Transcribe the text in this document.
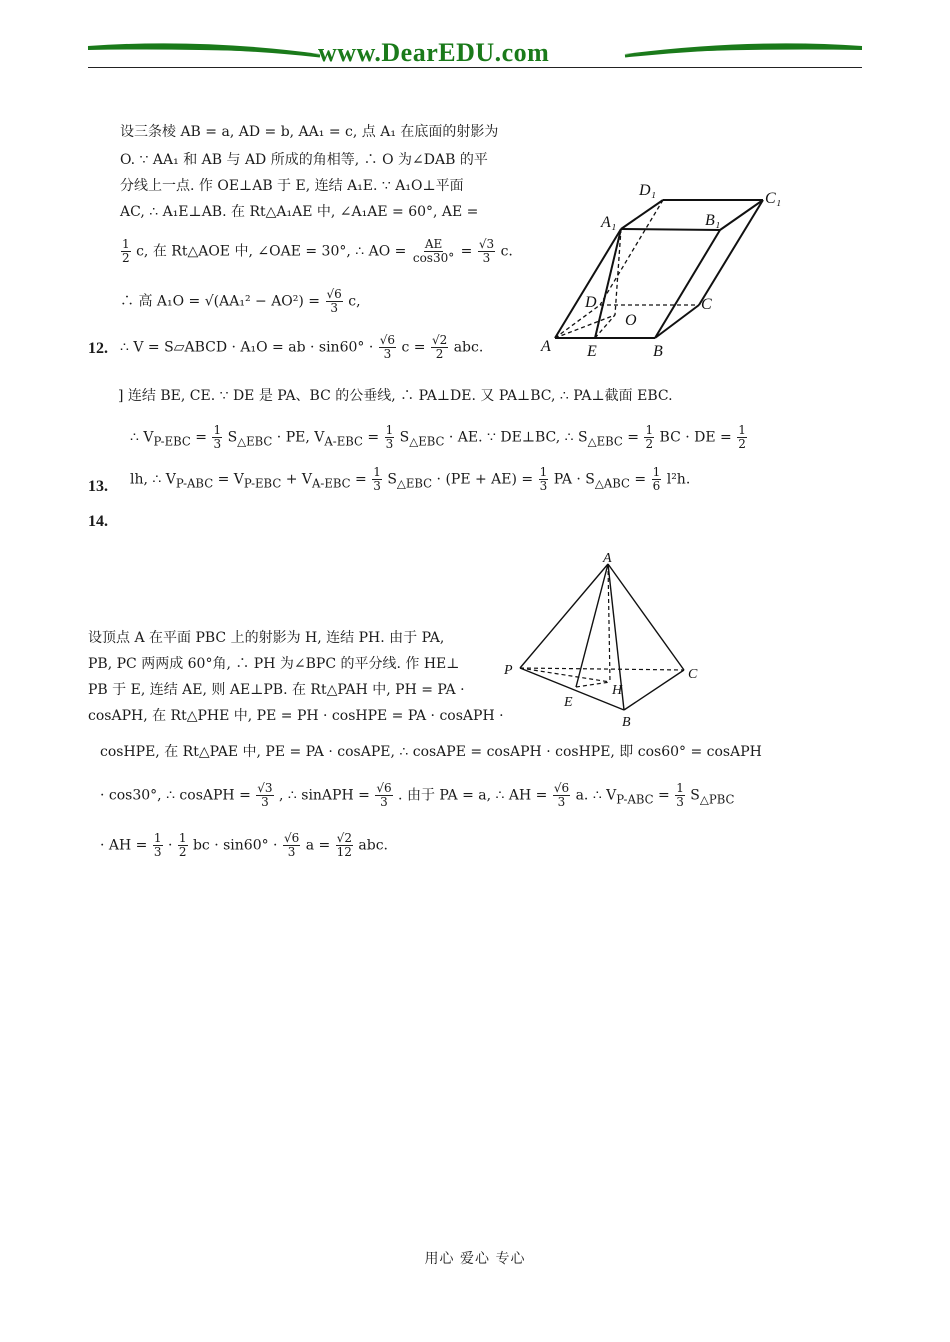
www.DearEDU.com
设三条棱 AB = a, AD = b, AA₁ = c, 点 A₁ 在底面的射影为
O. ∵ AA₁ 和 AB 与 AD 所成的角相等, ∴ O 为∠DAB 的平
分线上一点. 作 OE⊥AB 于 E, 连结 A₁E. ∵ A₁O⊥平面
AC, ∴ A₁E⊥AB. 在 Rt△A₁AE 中, ∠A₁AE = 60°, AE =
$\frac{1}{2} c$, 在 Rt△AOE 中, ∠OAE = 30°, ∴ AO = $\frac{AE}{\cos 30^\circ} = \frac{√3}{3} c$.
∴ 高 $A_1O = √(AA_1^2 - AO^2) = \frac{√6}{3} c$,
12. ∴ V = S▱ABCD · A₁O = ab · $\sin 60^\circ \cdot \frac{√6}{3}$ $c = \frac{√2}{2}$ abc.
D₁	C₁
A₁	B₁
D	C
O
A E	B
] 连结 BE, CE. ∵ DE 是 PA、BC 的公垂线, ∴ PA⊥DE. 又 PA⊥BC, ∴ PA⊥截面 EBC.
∴ $V_{P-EBC} = \frac{1}{3} S_{\triangle EBC}$ · PE, $V_{A-EBC} = \frac{1}{3} S_{\triangle EBC}$ · AE. ∵ DE⊥BC, ∴ $S_{\triangle EBC} = \frac{1}{2}$ BC · DE = $\frac{1}{2}$
13. lh, ∴ $V_{P-ABC} = V_{P-EBC} + V_{A-EBC} = \frac{1}{3} S_{\triangle EBC} \cdot (PE + AE) = \frac{1}{3}$ PA · $S_{\triangle ABC} = \frac{1}{6} l^2h$.
14.
A
P	C
H
E
B
设顶点 A 在平面 PBC 上的射影为 H, 连结 PH. 由于 PA,
PB, PC 两两成 60°角, ∴ PH 为∠BPC 的平分线. 作 HE⊥
PB 于 E, 连结 AE, 则 AE⊥PB. 在 Rt△PAH 中, PH = PA ·
cosAPH, 在 Rt△PHE 中, PE = PH · cosHPE = PA · cosAPH ·
cosHPE, 在 Rt△PAE 中, PE = PA · cosAPE, ∴ cosAPE = cosAPH · cosHPE, 即 cos60° = cosAPH
· cos30°, ∴ cosAPH = $\frac{√3}{3}$ , ∴ sinAPH = $\frac{√6}{3}$ . 由于 PA = a, ∴ AH = $\frac{√6}{3} a$. ∴ $V_{P-ABC} = \frac{1}{3} S_{\triangle PBC}$
· AH = $\frac{1}{3} \cdot \frac{1}{2}$ bc · $\sin 60^\circ \cdot \frac{√6}{3}$ $a = \frac{√2}{12}$ abc.
用心 爱心 专心
